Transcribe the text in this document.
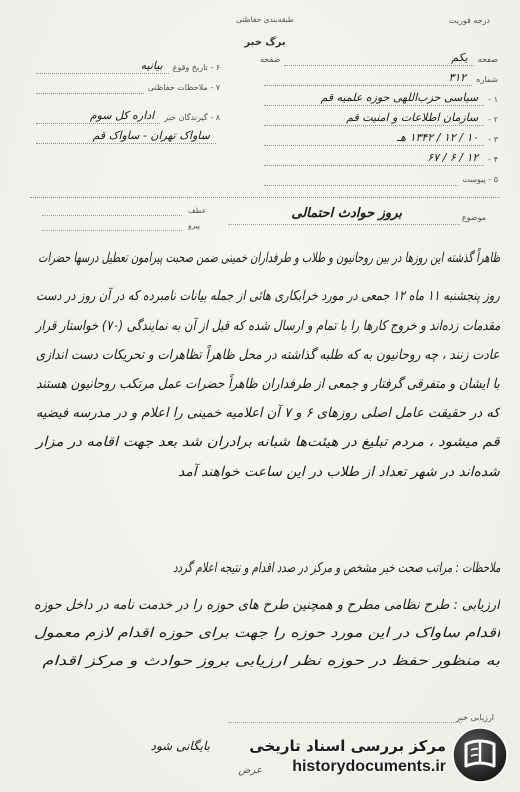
درجه فوریت
طبقه‌بندی حفاظتی
برگ خبر
صفحه
یکم
صفحه
شماره
۳۱۲
۱ -
سیاسی حزب‌اللهی حوزه علمیه قم
۲ -
سازمان اطلاعات و امنیت قم
۳ -
۱۰ / ۱۲ / ۱۳۴۲ هـ
۴ -
۱۲ / ۶ / ۶۷
۵ - پیوست
۶ - تاریخ وقوع
بیانیه
۷ - ملاحظات حفاظتی
۸ - گیرندگان خبر
اداره کل سوم
ساواک تهران - ساواک قم
عطف
پیرو
موضوع
بروز حوادث احتمالی
ظاهراً گذشته این روزها در بین روحانیون و طلاب و طرفداران خمینی ضمن صحبت پیرامون تعطیل درسها حضرات
روز پنجشنبه ۱۱ ماه ۱۲ جمعی در مورد خرابکاری هائی از جمله بیانات نامبرده که در آن روز در دست
مقدمات زده‌اند و خروج کارها را با تمام و ارسال شده که قبل از آن به نمایندگی (۷۰) خواستار قرار
عادت زنند ، چه روحانیون به که طلبه گذاشته در محل ظاهراً تظاهرات و تحریکات دست اندازی
با ایشان و متفرقی گرفتار و جمعی از طرفداران ظاهراً حضرات عمل مرتکب روحانیون هستند
که در حقیقت عامل اصلی روزهای ۶ و ۷ آن اعلامیه خمینی را اعلام و در مدرسه فیضیه
قم میشود ، مردم تبلیغ در هیئت‌ها شبانه برادران شد بعد جهت اقامه در مزار
شده‌اند در شهر تعداد از طلاب در این ساعت خواهند آمد
ملاحظات : مراتب صحت خبر مشخص و مرکز در صدد اقدام و نتیجه اعلام گردد
ارزیابی : طرح نظامی مطرح و همچنین طرح های حوزه را در خدمت نامه در داخل حوزه
اقدام ساواک در این مورد حوزه را جهت برای حوزه اقدام لازم معمول
به منظور حفظ در حوزه نظر ارزیابی بروز حوادث و مرکز اقدام
ارزیابی خبر
بایگانی شود
عرض
مرکز بررسی اسناد تاریخی
historydocuments.ir
